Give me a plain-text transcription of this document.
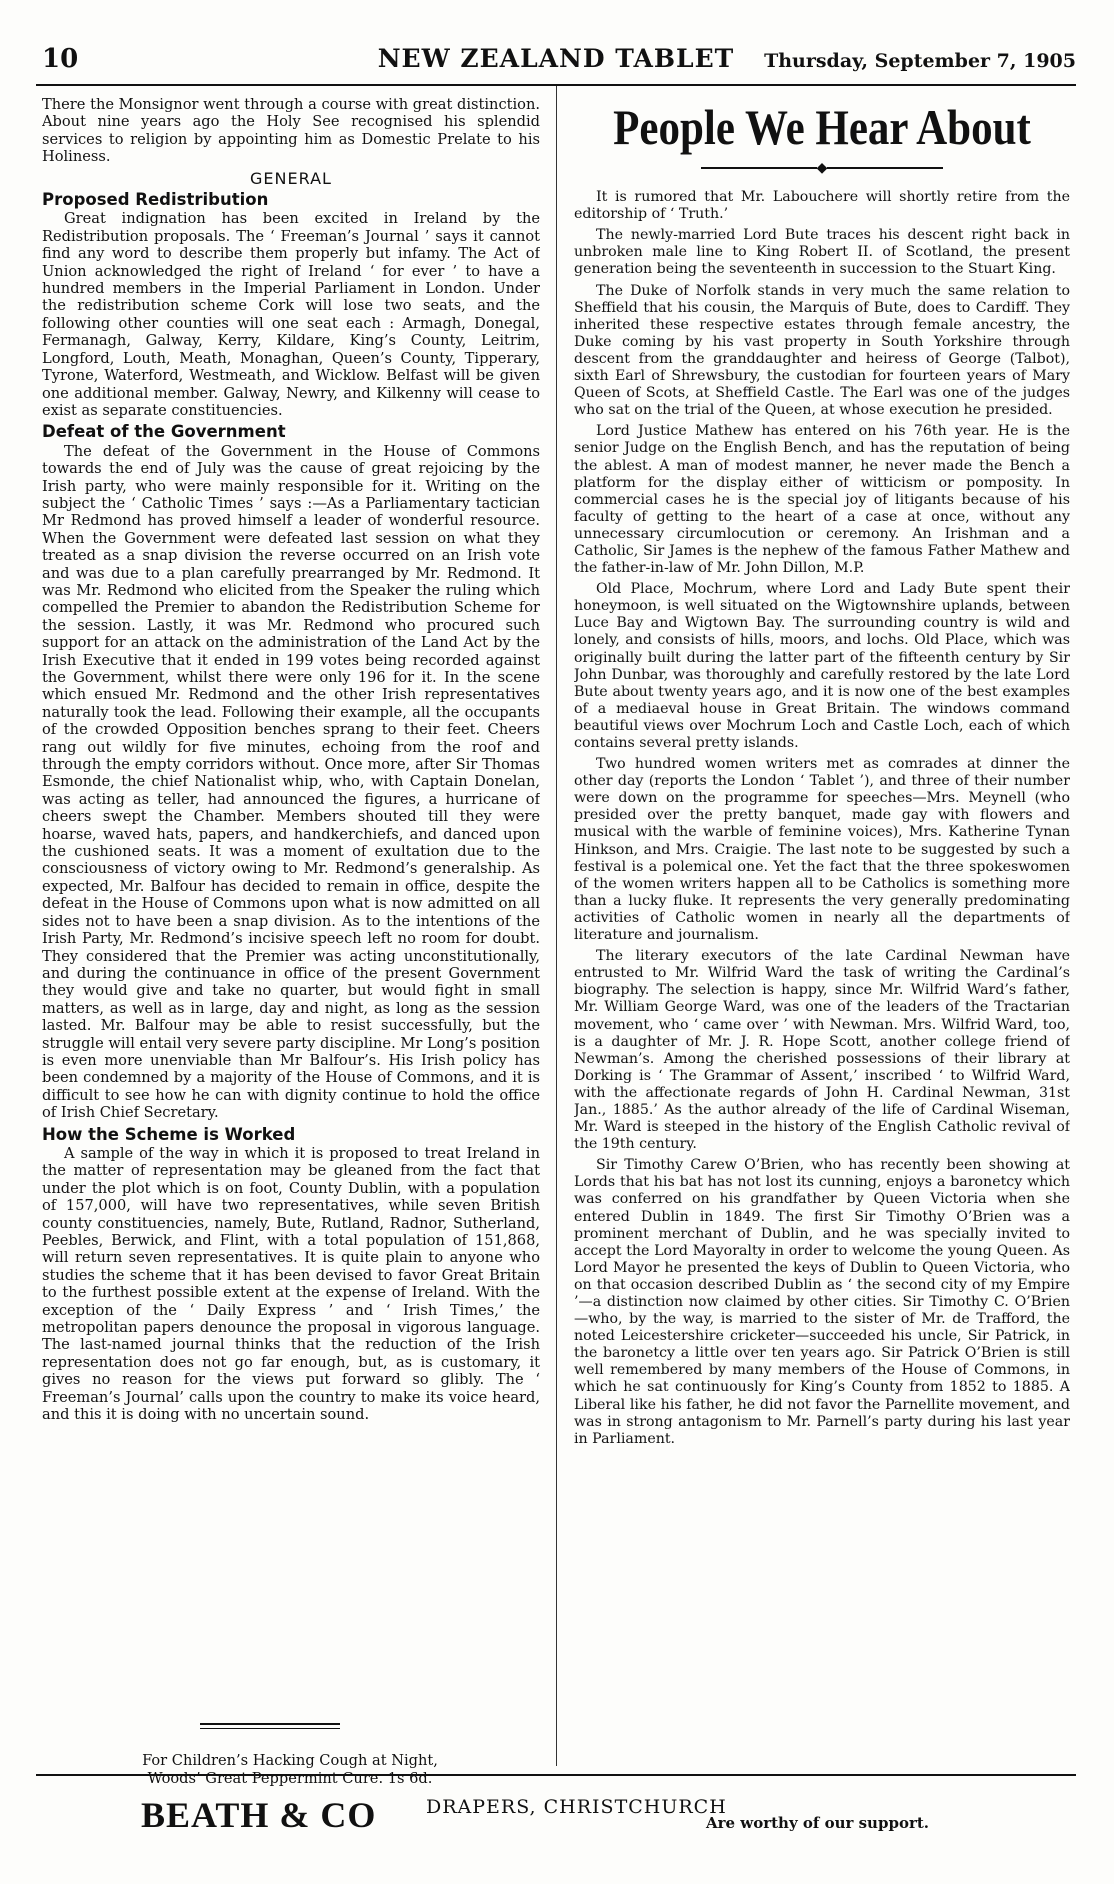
10	NEW ZEALAND TABLET	Thursday, September 7, 1905

There the Monsignor went through a course with great distinction. About nine years ago the Holy See recognised his splendid services to religion by appointing him as Domestic Prelate to his Holiness.

GENERAL
Proposed Redistribution

Great indignation has been excited in Ireland by the Redistribution proposals. The ‘ Freeman’s Journal ’ says it cannot find any word to describe them properly but infamy. The Act of Union acknowledged the right of Ireland ‘ for ever ’ to have a hundred members in the Imperial Parliament in London. Under the redistribution scheme Cork will lose two seats, and the following other counties will one seat each : Armagh, Donegal, Fermanagh, Galway, Kerry, Kildare, King’s County, Leitrim, Longford, Louth, Meath, Monaghan, Queen’s County, Tipperary, Tyrone, Waterford, Westmeath, and Wicklow. Belfast will be given one additional member. Galway, Newry, and Kilkenny will cease to exist as separate constituencies.

Defeat of the Government

The defeat of the Government in the House of Commons towards the end of July was the cause of great rejoicing by the Irish party, who were mainly responsible for it. Writing on the subject the ‘ Catholic Times ’ says :—As a Parliamentary tactician Mr Redmond has proved himself a leader of wonderful resource. When the Government were defeated last session on what they treated as a snap division the reverse occurred on an Irish vote and was due to a plan carefully prearranged by Mr. Redmond. It was Mr. Redmond who elicited from the Speaker the ruling which compelled the Premier to abandon the Redistribution Scheme for the session. Lastly, it was Mr. Redmond who procured such support for an attack on the administration of the Land Act by the Irish Executive that it ended in 199 votes being recorded against the Government, whilst there were only 196 for it. In the scene which ensued Mr. Redmond and the other Irish representatives naturally took the lead. Following their example, all the occupants of the crowded Opposition benches sprang to their feet. Cheers rang out wildly for five minutes, echoing from the roof and through the empty corridors without. Once more, after Sir Thomas Esmonde, the chief Nationalist whip, who, with Captain Donelan, was acting as teller, had announced the figures, a hurricane of cheers swept the Chamber. Members shouted till they were hoarse, waved hats, papers, and handkerchiefs, and danced upon the cushioned seats. It was a moment of exultation due to the consciousness of victory owing to Mr. Redmond’s generalship. As expected, Mr. Balfour has decided to remain in office, despite the defeat in the House of Commons upon what is now admitted on all sides not to have been a snap division. As to the intentions of the Irish Party, Mr. Redmond’s incisive speech left no room for doubt. They considered that the Premier was acting unconstitutionally, and during the continuance in office of the present Government they would give and take no quarter, but would fight in small matters, as well as in large, day and night, as long as the session lasted. Mr. Balfour may be able to resist successfully, but the struggle will entail very severe party discipline. Mr Long’s position is even more unenviable than Mr Balfour’s. His Irish policy has been condemned by a majority of the House of Commons, and it is difficult to see how he can with dignity continue to hold the office of Irish Chief Secretary.

How the Scheme is Worked

A sample of the way in which it is proposed to treat Ireland in the matter of representation may be gleaned from the fact that under the plot which is on foot, County Dublin, with a population of 157,000, will have two representatives, while seven British county constituencies, namely, Bute, Rutland, Radnor, Sutherland, Peebles, Berwick, and Flint, with a total population of 151,868, will return seven representatives. It is quite plain to anyone who studies the scheme that it has been devised to favor Great Britain to the furthest possible extent at the expense of Ireland. With the exception of the ‘ Daily Express ’ and ‘ Irish Times,’ the metropolitan papers denounce the proposal in vigorous language. The last-named journal thinks that the reduction of the Irish representation does not go far enough, but, as is customary, it gives no reason for the views put forward so glibly. The ‘ Freeman’s Journal’ calls upon the country to make its voice heard, and this it is doing with no uncertain sound.

For Children’s Hacking Cough at Night,
Woods’ Great Peppermint Cure. 1s 6d.
People We Hear About
◆

It is rumored that Mr. Labouchere will shortly retire from the editorship of ‘ Truth.’

The newly-married Lord Bute traces his descent right back in unbroken male line to King Robert II. of Scotland, the present generation being the seventeenth in succession to the Stuart King.

The Duke of Norfolk stands in very much the same relation to Sheffield that his cousin, the Marquis of Bute, does to Cardiff. They inherited these respective estates through female ancestry, the Duke coming by his vast property in South Yorkshire through descent from the granddaughter and heiress of George (Talbot), sixth Earl of Shrewsbury, the custodian for fourteen years of Mary Queen of Scots, at Sheffield Castle. The Earl was one of the judges who sat on the trial of the Queen, at whose execution he presided.

Lord Justice Mathew has entered on his 76th year. He is the senior Judge on the English Bench, and has the reputation of being the ablest. A man of modest manner, he never made the Bench a platform for the display either of witticism or pomposity. In commercial cases he is the special joy of litigants because of his faculty of getting to the heart of a case at once, without any unnecessary circumlocution or ceremony. An Irishman and a Catholic, Sir James is the nephew of the famous Father Mathew and the father-in-law of Mr. John Dillon, M.P.

Old Place, Mochrum, where Lord and Lady Bute spent their honeymoon, is well situated on the Wigtownshire uplands, between Luce Bay and Wigtown Bay. The surrounding country is wild and lonely, and consists of hills, moors, and lochs. Old Place, which was originally built during the latter part of the fifteenth century by Sir John Dunbar, was thoroughly and carefully restored by the late Lord Bute about twenty years ago, and it is now one of the best examples of a mediaeval house in Great Britain. The windows command beautiful views over Mochrum Loch and Castle Loch, each of which contains several pretty islands.

Two hundred women writers met as comrades at dinner the other day (reports the London ‘ Tablet ’), and three of their number were down on the programme for speeches—Mrs. Meynell (who presided over the pretty banquet, made gay with flowers and musical with the warble of feminine voices), Mrs. Katherine Tynan Hinkson, and Mrs. Craigie. The last note to be suggested by such a festival is a polemical one. Yet the fact that the three spokeswomen of the women writers happen all to be Catholics is something more than a lucky fluke. It represents the very generally predominating activities of Catholic women in nearly all the departments of literature and journalism.

The literary executors of the late Cardinal Newman have entrusted to Mr. Wilfrid Ward the task of writing the Cardinal’s biography. The selection is happy, since Mr. Wilfrid Ward’s father, Mr. William George Ward, was one of the leaders of the Tractarian movement, who ‘ came over ’ with Newman. Mrs. Wilfrid Ward, too, is a daughter of Mr. J. R. Hope Scott, another college friend of Newman’s. Among the cherished possessions of their library at Dorking is ‘ The Grammar of Assent,’ inscribed ‘ to Wilfrid Ward, with the affectionate regards of John H. Cardinal Newman, 31st Jan., 1885.’ As the author already of the life of Cardinal Wiseman, Mr. Ward is steeped in the history of the English Catholic revival of the 19th century.

Sir Timothy Carew O’Brien, who has recently been showing at Lords that his bat has not lost its cunning, enjoys a baronetcy which was conferred on his grandfather by Queen Victoria when she entered Dublin in 1849. The first Sir Timothy O’Brien was a prominent merchant of Dublin, and he was specially invited to accept the Lord Mayoralty in order to welcome the young Queen. As Lord Mayor he presented the keys of Dublin to Queen Victoria, who on that occasion described Dublin as ‘ the second city of my Empire ’—a distinction now claimed by other cities. Sir Timothy C. O’Brien—who, by the way, is married to the sister of Mr. de Trafford, the noted Leicestershire cricketer—succeeded his uncle, Sir Patrick, in the baronetcy a little over ten years ago. Sir Patrick O’Brien is still well remembered by many members of the House of Commons, in which he sat continuously for King’s County from 1852 to 1885. A Liberal like his father, he did not favor the Parnellite movement, and was in strong antagonism to Mr. Parnell’s party during his last year in Parliament.

BEATH & CO	DRAPERS, CHRISTCHURCH
Are worthy of our support.
